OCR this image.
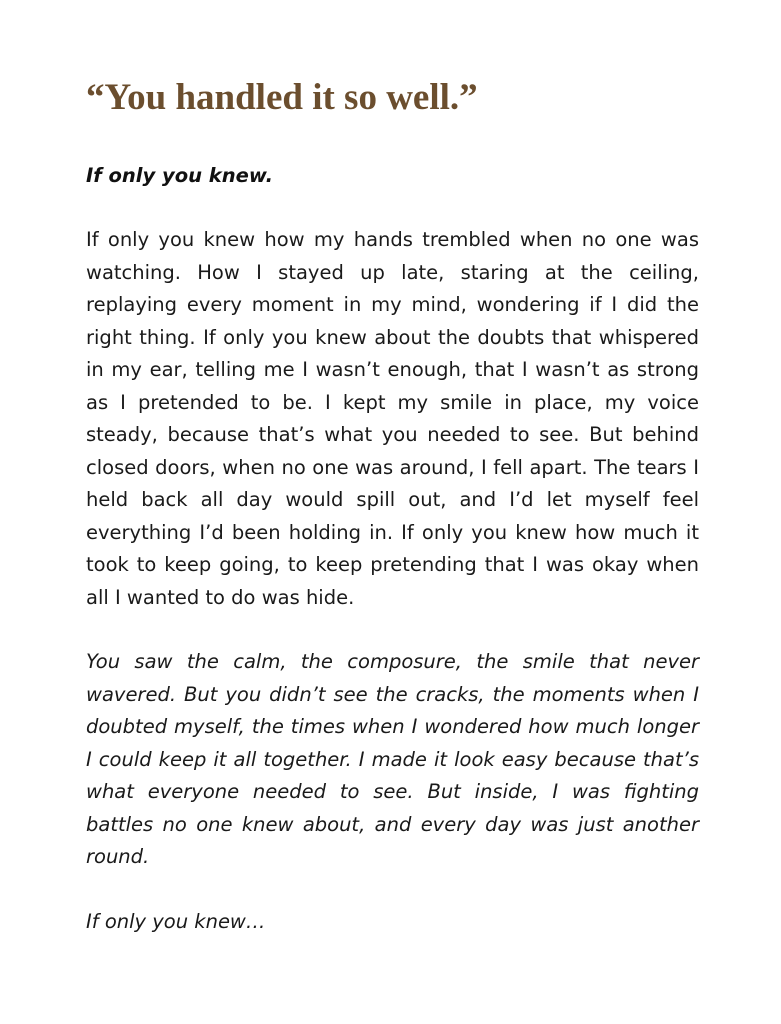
“You handled it so well.”

If only you knew.

If only you knew how my hands trembled when no one was watching. How I stayed up late, staring at the ceiling, replaying every moment in my mind, wondering if I did the right thing. If only you knew about the doubts that whispered in my ear, telling me I wasn’t enough, that I wasn’t as strong as I pretended to be. I kept my smile in place, my voice steady, because that’s what you needed to see. But behind closed doors, when no one was around, I fell apart. The tears I held back all day would spill out, and I’d let myself feel everything I’d been holding in. If only you knew how much it took to keep going, to keep pretending that I was okay when all I wanted to do was hide.

You saw the calm, the composure, the smile that never wavered. But you didn’t see the cracks, the moments when I doubted myself, the times when I wondered how much longer I could keep it all together. I made it look easy because that’s what everyone needed to see. But inside, I was fighting battles no one knew about, and every day was just another round.

If only you knew…
